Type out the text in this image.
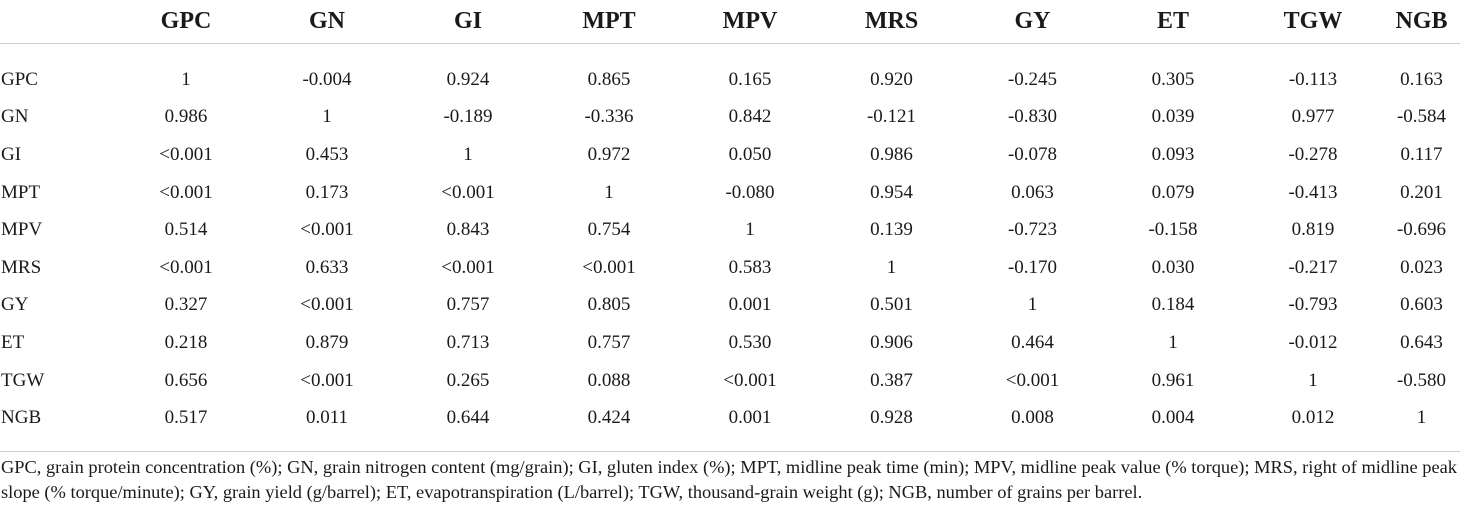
	GPC	GN	GI	MPT	MPV	MRS	GY	ET	TGW	NGB

GPC	1	-0.004	0.924	0.865	0.165	0.920	-0.245	0.305	-0.113	0.163
GN	0.986	1	-0.189	-0.336	0.842	-0.121	-0.830	0.039	0.977	-0.584
GI	<0.001	0.453	1	0.972	0.050	0.986	-0.078	0.093	-0.278	0.117
MPT	<0.001	0.173	<0.001	1	-0.080	0.954	0.063	0.079	-0.413	0.201
MPV	0.514	<0.001	0.843	0.754	1	0.139	-0.723	-0.158	0.819	-0.696
MRS	<0.001	0.633	<0.001	<0.001	0.583	1	-0.170	0.030	-0.217	0.023
GY	0.327	<0.001	0.757	0.805	0.001	0.501	1	0.184	-0.793	0.603
ET	0.218	0.879	0.713	0.757	0.530	0.906	0.464	1	-0.012	0.643
TGW	0.656	<0.001	0.265	0.088	<0.001	0.387	<0.001	0.961	1	-0.580
NGB	0.517	0.011	0.644	0.424	0.001	0.928	0.008	0.004	0.012	1

GPC, grain protein concentration (%); GN, grain nitrogen content (mg/grain); GI, gluten index (%); MPT, midline peak time (min); MPV, midline peak value (% torque); MRS, right of midline peak slope (% torque/minute); GY, grain yield (g/barrel); ET, evapotranspiration (L/barrel); TGW, thousand-grain weight (g); NGB, number of grains per barrel.
